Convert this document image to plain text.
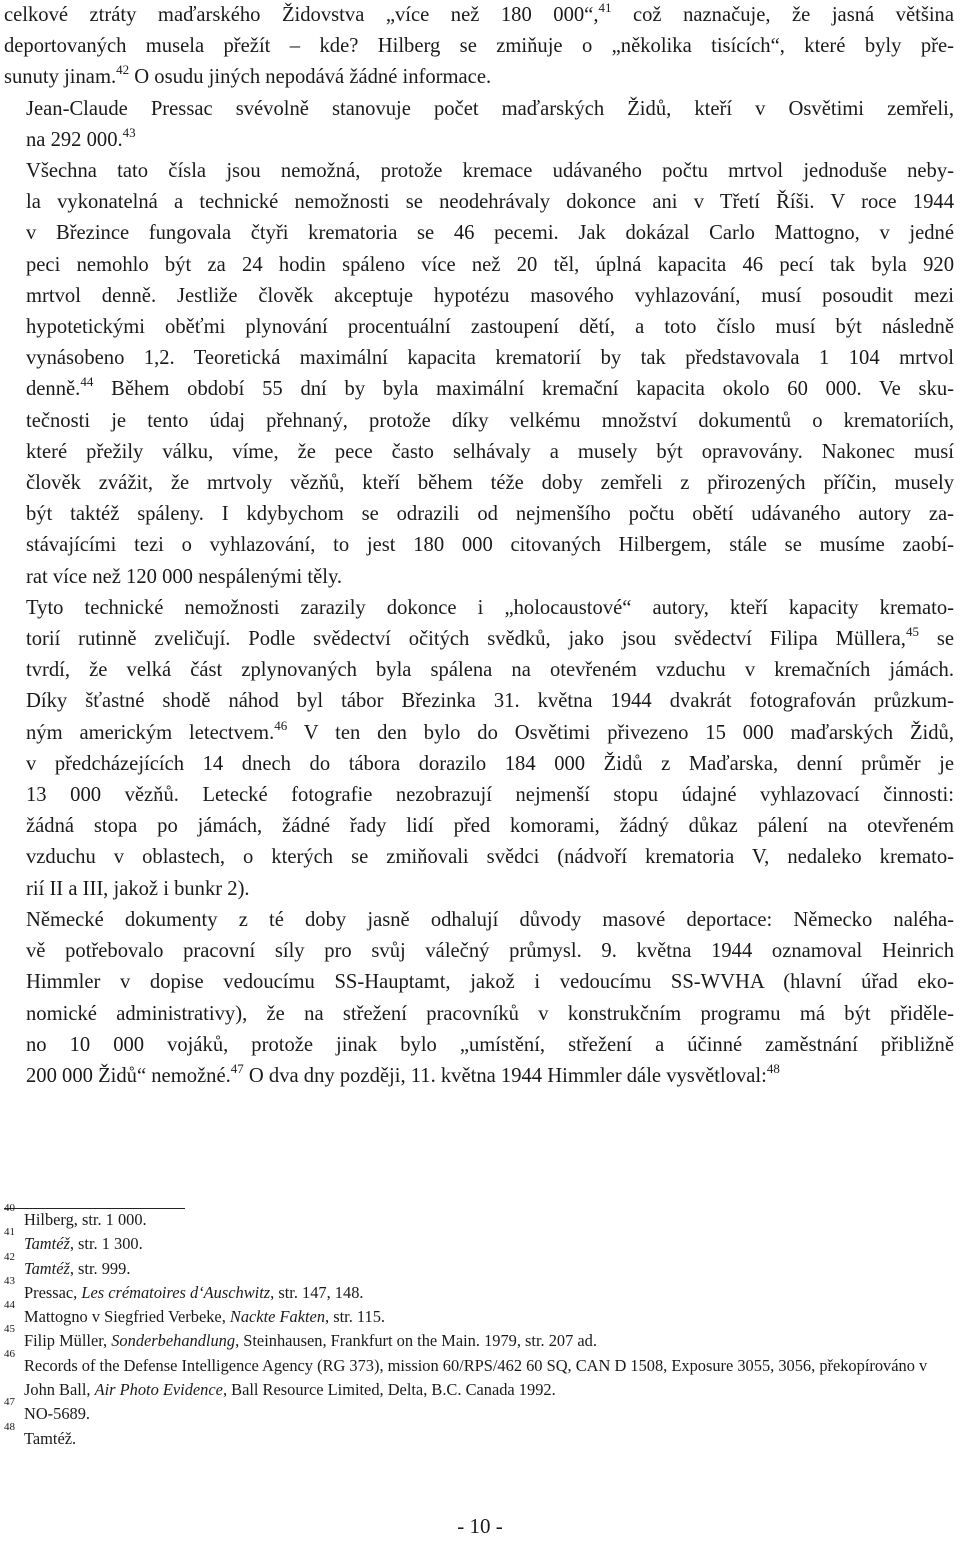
celkové ztráty maďarského Židovstva „více než 180 000“,$^{41}$ což naznačuje, že jasná většina
deportovaných musela přežít – kde? Hilberg se zmiňuje o „několika tisících“, které byly pře-
sunuty jinam.$^{42}$ O osudu jiných nepodává žádné informace.

Jean-Claude Pressac svévolně stanovuje počet maďarských Židů, kteří v Osvětimi zemřeli,
na 292 000.43

Všechna tato čísla jsou nemožná, protože kremace udávaného počtu mrtvol jednoduše neby-
la vykonatelná a technické nemožnosti se neodehrávaly dokonce ani v Třetí Říši. V roce 1944
v Březince fungovala čtyři krematoria se 46 pecemi. Jak dokázal Carlo Mattogno, v jedné
peci nemohlo být za 24 hodin spáleno více než 20 těl, úplná kapacita 46 pecí tak byla 920
mrtvol denně. Jestliže člověk akceptuje hypotézu masového vyhlazování, musí posoudit mezi
hypotetickými oběťmi plynování procentuální zastoupení dětí, a toto číslo musí být následně
vynásobeno 1,2. Teoretická maximální kapacita krematorií by tak představovala 1 104 mrtvol
denně.$^{44}$ Během období 55 dní by byla maximální kremační kapacita okolo 60 000. Ve sku-
tečnosti je tento údaj přehnaný, protože díky velkému množství dokumentů o krematoriích,
které přežily válku, víme, že pece často selhávaly a musely být opravovány. Nakonec musí
člověk zvážit, že mrtvoly vězňů, kteří během téže doby zemřeli z přirozených příčin, musely
být taktéž spáleny. I kdybychom se odrazili od nejmenšího počtu obětí udávaného autory za-
stávajícími tezi o vyhlazování, to jest 180 000 citovaných Hilbergem, stále se musíme zaobí-
rat více než 120 000 nespálenými těly.

Tyto technické nemožnosti zarazily dokonce i „holocaustové“ autory, kteří kapacity kremato-
torií rutinně zveličují. Podle svědectví očitých svědků, jako jsou svědectví Filipa Müllera,$^{45}$ se
tvrdí, že velká část zplynovaných byla spálena na otevřeném vzduchu v kremačních jámách.
Díky šťastné shodě náhod byl tábor Březinka 31. května 1944 dvakrát fotografován průzkum-
ným americkým letectvem.$^{46}$ V ten den bylo do Osvětimi přivezeno 15 000 maďarských Židů,
v předcházejících 14 dnech do tábora dorazilo 184 000 Židů z Maďarska, denní průměr je
13 000 vězňů. Letecké fotografie nezobrazují nejmenší stopu údajné vyhlazovací činnosti:
žádná stopa po jámách, žádné řady lidí před komorami, žádný důkaz pálení na otevřeném
vzduchu v oblastech, o kterých se zmiňovali svědci (nádvoří krematoria V, nedaleko kremato-
rií II a III, jakož i bunkr 2).

Německé dokumenty z té doby jasně odhalují důvody masové deportace: Německo naléha-
vě potřebovalo pracovní síly pro svůj válečný průmysl. 9. května 1944 oznamoval Heinrich
Himmler v dopise vedoucímu SS-Hauptamt, jakož i vedoucímu SS-WVHA (hlavní úřad eko-
nomické administrativy), že na střežení pracovníků v konstrukčním programu má být přiděle-
no 10 000 vojáků, protože jinak bylo „umístění, střežení a účinné zaměstnání přibližně
200 000 Židů“ nemožné.$^{47}$ O dva dny později, 11. května 1944 Himmler dále vysvětloval:$^{48}$

40
Hilberg, str. 1 000.
41
Tamtéž, str. 1 300.
42
Tamtéž, str. 999.
43
Pressac, Les crématoires d‘Auschwitz, str. 147, 148.
44
Mattogno v Siegfried Verbeke, Nackte Fakten, str. 115.
45
Filip Müller, Sonderbehandlung, Steinhausen, Frankfurt on the Main. 1979, str. 207 ad.
46
Records of the Defense Intelligence Agency (RG 373), mission 60/RPS/462 60 SQ, CAN D 1508, Exposure 3055, 3056, překopírováno v John Ball, Air Photo Evidence, Ball Resource Limited, Delta, B.C. Canada 1992.
47
NO-5689.
48
Tamtéž.
- 10 -
